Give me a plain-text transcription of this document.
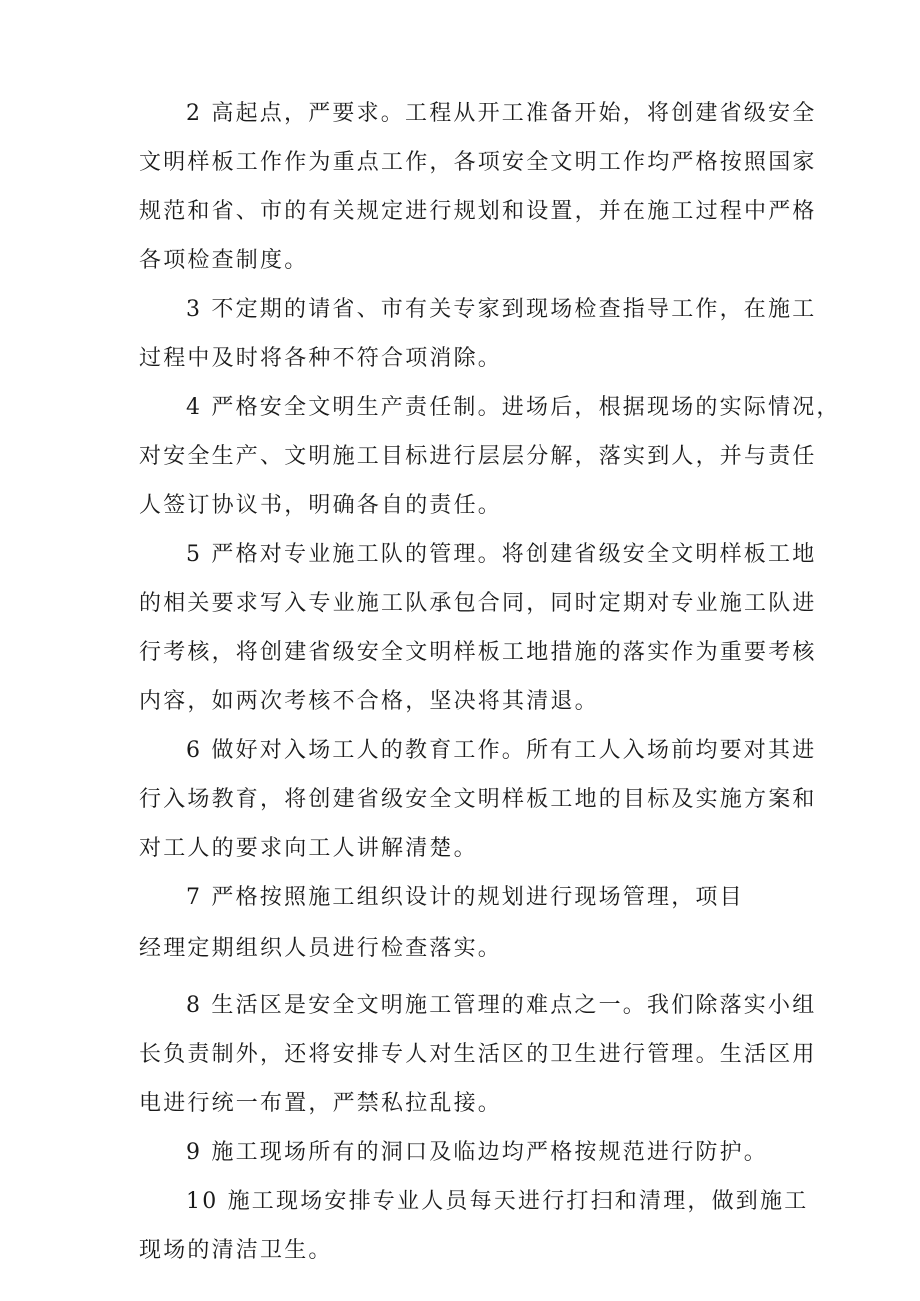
2 高起点，严要求。工程从开工准备开始，将创建省级安全
文明样板工作作为重点工作，各项安全文明工作均严格按照国家
规范和省、市的有关规定进行规划和设置，并在施工过程中严格
各项检查制度。
3 不定期的请省、市有关专家到现场检查指导工作，在施工
过程中及时将各种不符合项消除。
4 严格安全文明生产责任制。进场后，根据现场的实际情况，
对安全生产、文明施工目标进行层层分解，落实到人，并与责任
人签订协议书，明确各自的责任。
5 严格对专业施工队的管理。将创建省级安全文明样板工地
的相关要求写入专业施工队承包合同，同时定期对专业施工队进
行考核，将创建省级安全文明样板工地措施的落实作为重要考核
内容，如两次考核不合格，坚决将其清退。
6 做好对入场工人的教育工作。所有工人入场前均要对其进
行入场教育，将创建省级安全文明样板工地的目标及实施方案和
对工人的要求向工人讲解清楚。
7 严格按照施工组织设计的规划进行现场管理，项目
经理定期组织人员进行检查落实。
8 生活区是安全文明施工管理的难点之一。我们除落实小组
长负责制外，还将安排专人对生活区的卫生进行管理。生活区用
电进行统一布置，严禁私拉乱接。
9 施工现场所有的洞口及临边均严格按规范进行防护。
10 施工现场安排专业人员每天进行打扫和清理，做到施工
现场的清洁卫生。
